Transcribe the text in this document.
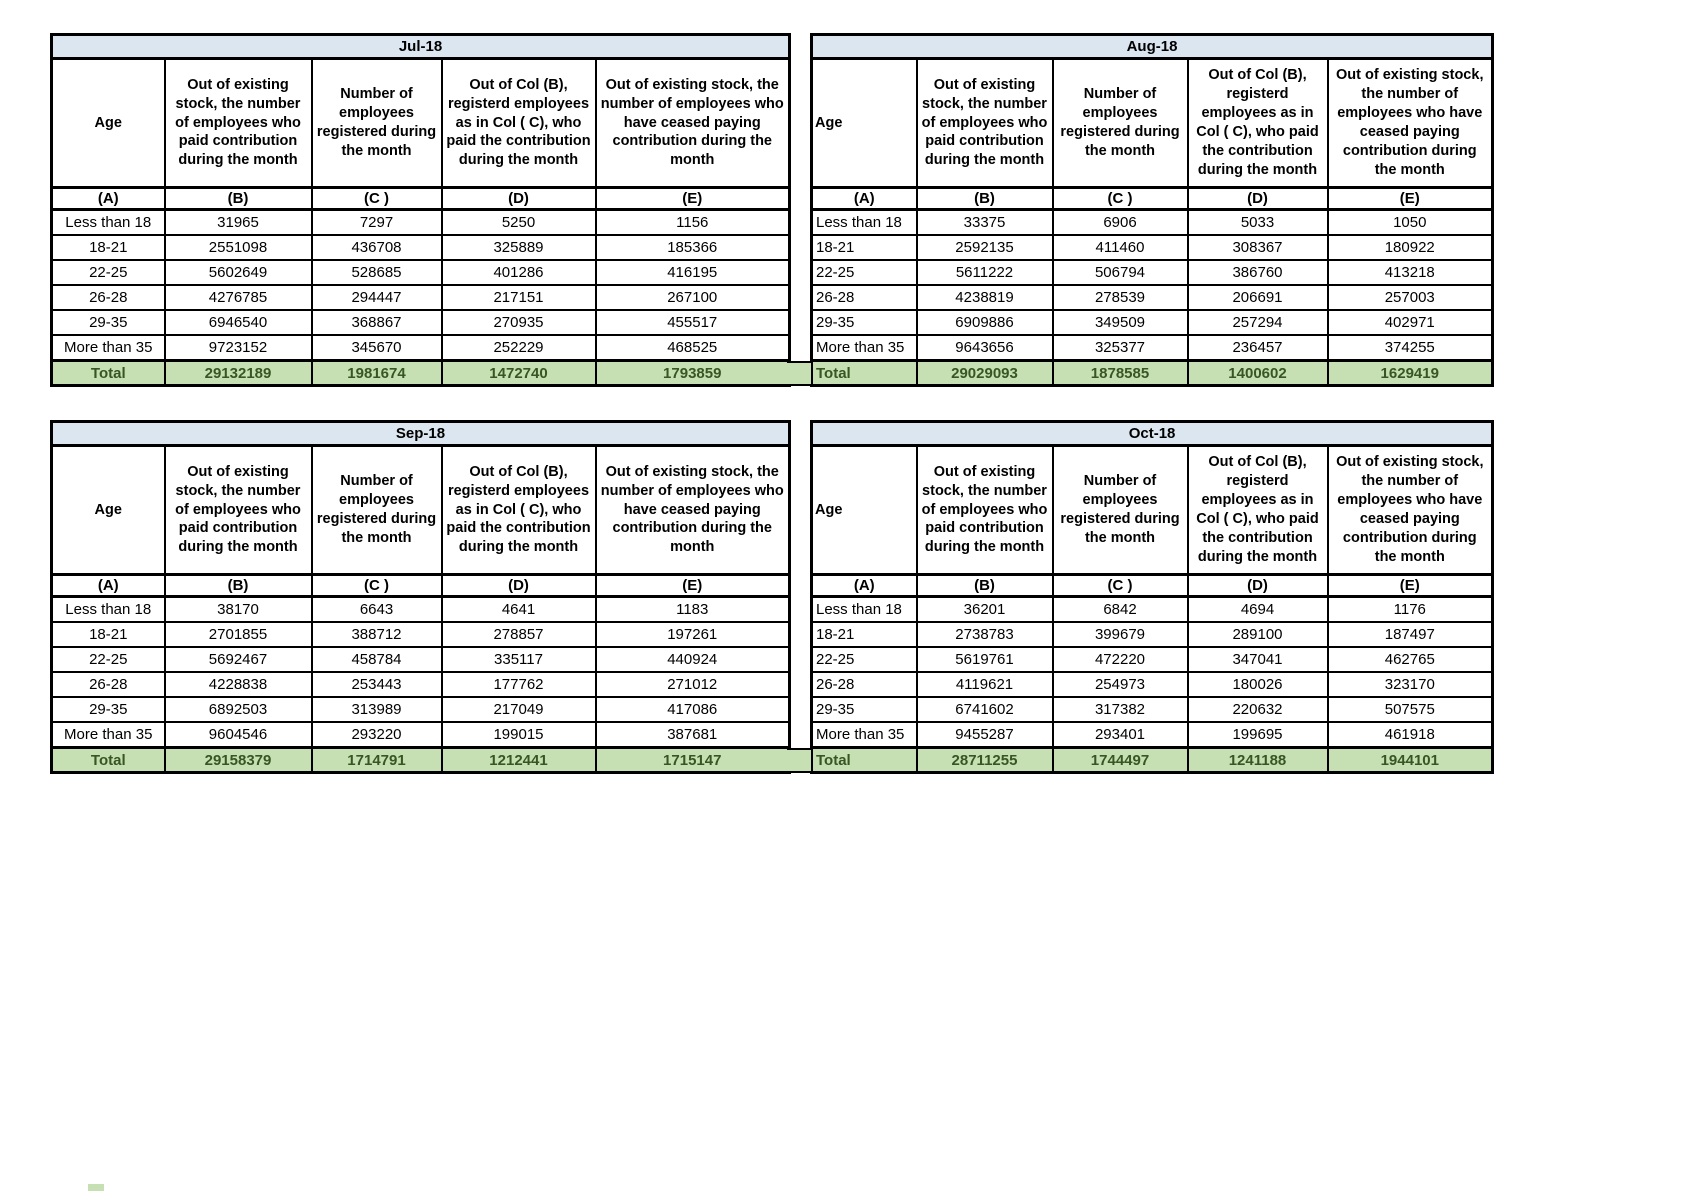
Jul-18				
Age	Out of existing stock, the number of employees who paid contribution during the month	Number of employees registered during the month	Out of Col (B), registerd employees as in Col ( C), who paid the contribution during the month	Out of existing stock, the number of employees who have ceased paying contribution during the month
(A)	(B)	(C )	(D)	(E)
Less than 18	31965	7297	5250	1156
18-21	2551098	436708	325889	185366
22-25	5602649	528685	401286	416195
26-28	4276785	294447	217151	267100
29-35	6946540	368867	270935	455517
More than 35	9723152	345670	252229	468525
Total	29132189	1981674	1472740	1793859
Aug-18				
Age	Out of existing stock, the number of employees who paid contribution during the month	Number of employees registered during the month	Out of Col (B), registerd employees as in Col ( C), who paid the contribution during the month	Out of existing stock, the number of employees who have ceased paying contribution during the month
(A)	(B)	(C )	(D)	(E)
Less than 18	33375	6906	5033	1050
18-21	2592135	411460	308367	180922
22-25	5611222	506794	386760	413218
26-28	4238819	278539	206691	257003
29-35	6909886	349509	257294	402971
More than 35	9643656	325377	236457	374255
Total	29029093	1878585	1400602	1629419
Sep-18				
Age	Out of existing stock, the number of employees who paid contribution during the month	Number of employees registered during the month	Out of Col (B), registerd employees as in Col ( C), who paid the contribution during the month	Out of existing stock, the number of employees who have ceased paying contribution during the month
(A)	(B)	(C )	(D)	(E)
Less than 18	38170	6643	4641	1183
18-21	2701855	388712	278857	197261
22-25	5692467	458784	335117	440924
26-28	4228838	253443	177762	271012
29-35	6892503	313989	217049	417086
More than 35	9604546	293220	199015	387681
Total	29158379	1714791	1212441	1715147
Oct-18				
Age	Out of existing stock, the number of employees who paid contribution during the month	Number of employees registered during the month	Out of Col (B), registerd employees as in Col ( C), who paid the contribution during the month	Out of existing stock, the number of employees who have ceased paying contribution during the month
(A)	(B)	(C )	(D)	(E)
Less than 18	36201	6842	4694	1176
18-21	2738783	399679	289100	187497
22-25	5619761	472220	347041	462765
26-28	4119621	254973	180026	323170
29-35	6741602	317382	220632	507575
More than 35	9455287	293401	199695	461918
Total	28711255	1744497	1241188	1944101
